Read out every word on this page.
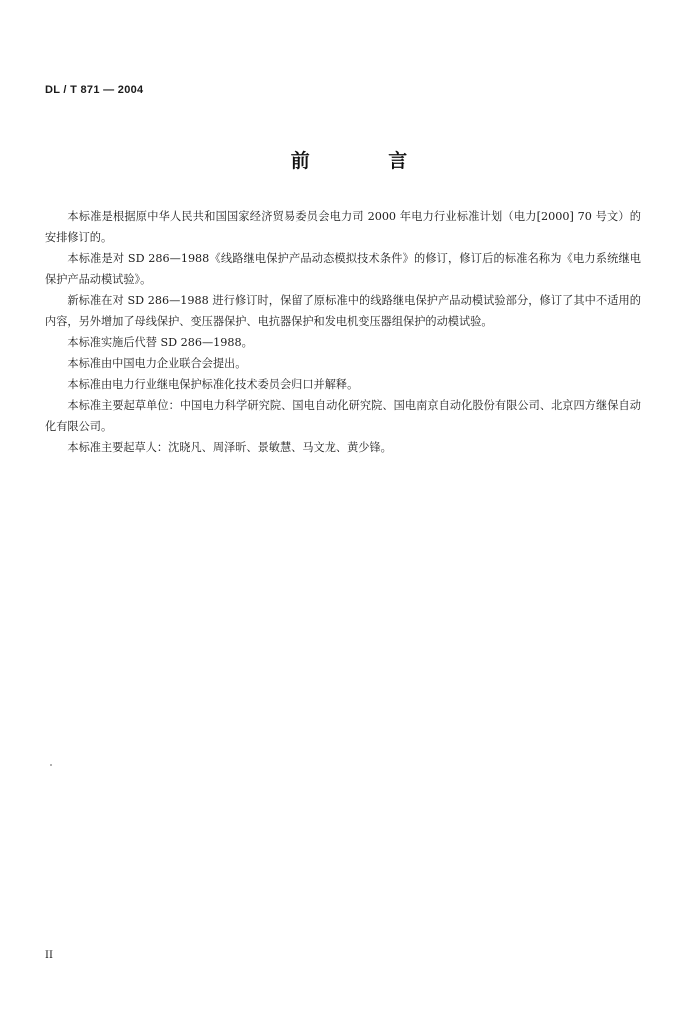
DL / T 871 — 2004
前 言

本标准是根据原中华人民共和国国家经济贸易委员会电力司 2000 年电力行业标准计划（电力[2000] 70 号文）的安排修订的。

本标准是对 SD 286—1988《线路继电保护产品动态模拟技术条件》的修订，修订后的标准名称为《电力系统继电保护产品动模试验》。

新标准在对 SD 286—1988 进行修订时，保留了原标准中的线路继电保护产品动模试验部分，修订了其中不适用的内容，另外增加了母线保护、变压器保护、电抗器保护和发电机变压器组保护的动模试验。

本标准实施后代替 SD 286—1988。

本标准由中国电力企业联合会提出。

本标准由电力行业继电保护标准化技术委员会归口并解释。

本标准主要起草单位：中国电力科学研究院、国电自动化研究院、国电南京自动化股份有限公司、北京四方继保自动化有限公司。

本标准主要起草人：沈晓凡、周泽昕、景敏慧、马文龙、黄少锋。

II
